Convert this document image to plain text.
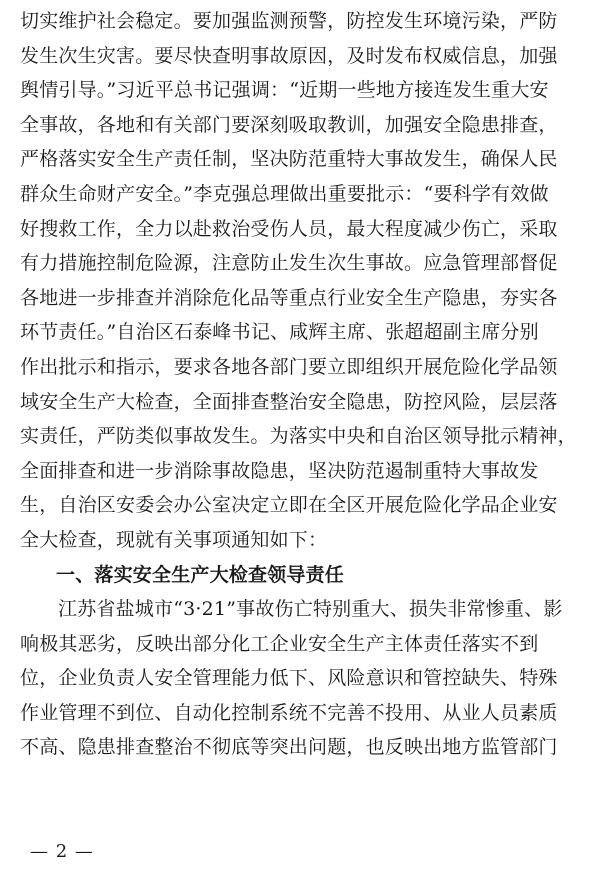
切实维护社会稳定。要加强监测预警，防控发生环境污染，严防
发生次生灾害。要尽快查明事故原因，及时发布权威信息，加强
舆情引导。”习近平总书记强调：“近期一些地方接连发生重大安
全事故，各地和有关部门要深刻吸取教训，加强安全隐患排查，
严格落实安全生产责任制，坚决防范重特大事故发生，确保人民
群众生命财产安全。”李克强总理做出重要批示：“要科学有效做
好搜救工作，全力以赴救治受伤人员，最大程度减少伤亡，采取
有力措施控制危险源，注意防止发生次生事故。应急管理部督促
各地进一步排查并消除危化品等重点行业安全生产隐患，夯实各
环节责任。”自治区石泰峰书记、咸辉主席、张超超副主席分别
作出批示和指示，要求各地各部门要立即组织开展危险化学品领
域安全生产大检查，全面排查整治安全隐患，防控风险，层层落
实责任，严防类似事故发生。为落实中央和自治区领导批示精神，
全面排查和进一步消除事故隐患，坚决防范遏制重特大事故发
生，自治区安委会办公室决定立即在全区开展危险化学品企业安
全大检查，现就有关事项通知如下：
一、落实安全生产大检查领导责任
江苏省盐城市“3·21”事故伤亡特别重大、损失非常惨重、影
响极其恶劣，反映出部分化工企业安全生产主体责任落实不到
位，企业负责人安全管理能力低下、风险意识和管控缺失、特殊
作业管理不到位、自动化控制系统不完善不投用、从业人员素质
不高、隐患排查整治不彻底等突出问题，也反映出地方监管部门
— 2 —
